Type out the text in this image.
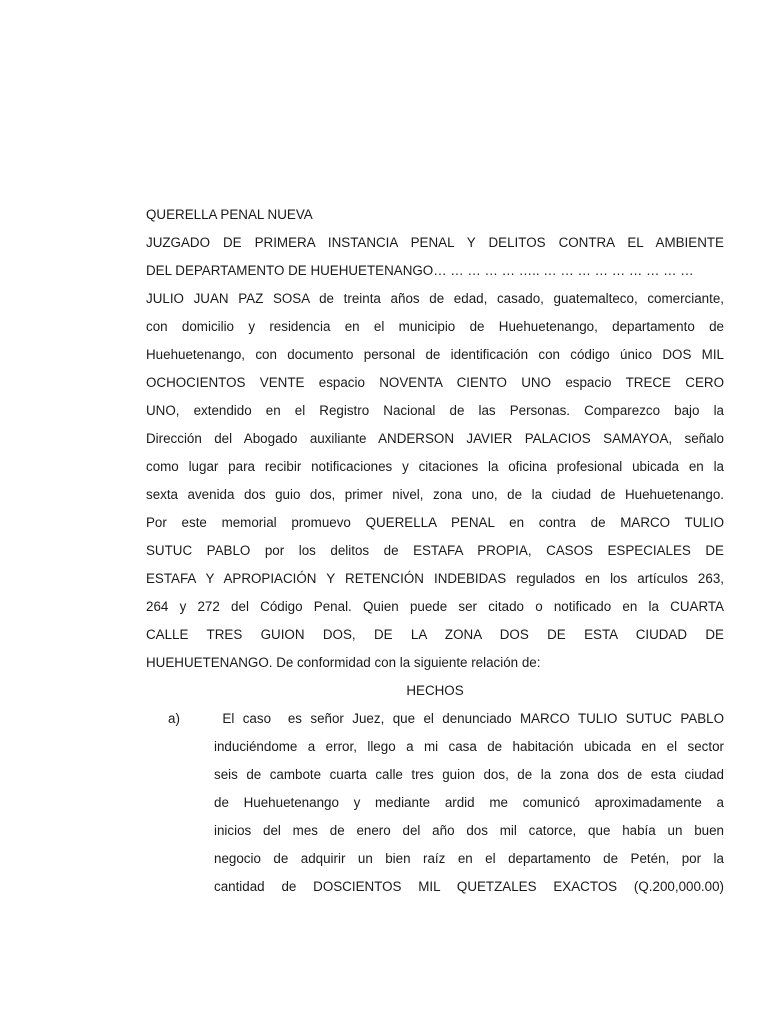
QUERELLA PENAL NUEVA
JUZGADO DE PRIMERA INSTANCIA PENAL Y DELITOS CONTRA EL AMBIENTE
DEL DEPARTAMENTO DE HUEHUETENANGO… … … … … ….. … … … … … … … … …
JULIO JUAN PAZ SOSA de treinta años de edad, casado, guatemalteco, comerciante,
con domicilio y residencia en el municipio de Huehuetenango, departamento de
Huehuetenango, con documento personal de identificación con código único DOS MIL
OCHOCIENTOS VENTE espacio NOVENTA CIENTO UNO espacio TRECE CERO
UNO, extendido en el Registro Nacional de las Personas. Comparezco bajo la
Dirección del Abogado auxiliante ANDERSON JAVIER PALACIOS SAMAYOA, señalo
como lugar para recibir notificaciones y citaciones la oficina profesional ubicada en la
sexta avenida dos guio dos, primer nivel, zona uno, de la ciudad de Huehuetenango.
Por este memorial promuevo QUERELLA PENAL en contra de MARCO TULIO
SUTUC PABLO por los delitos de ESTAFA PROPIA, CASOS ESPECIALES DE
ESTAFA Y APROPIACIÓN Y RETENCIÓN INDEBIDAS regulados en los artículos 263,
264 y 272 del Código Penal. Quien puede ser citado o notificado en la CUARTA
CALLE TRES GUION DOS, DE LA ZONA DOS DE ESTA CIUDAD DE
HUEHUETENANGO. De conformidad con la siguiente relación de:
HECHOS
a)	El caso  es señor Juez, que el denunciado MARCO TULIO SUTUC PABLO
induciéndome a error, llego a mi casa de habitación ubicada en el sector
seis de cambote cuarta calle tres guion dos, de la zona dos de esta ciudad
de Huehuetenango y mediante ardid me comunicó aproximadamente a
inicios del mes de enero del año dos mil catorce, que había un buen
negocio de adquirir un bien raíz en el departamento de Petén, por la
cantidad de DOSCIENTOS MIL QUETZALES EXACTOS (Q.200,000.00)
